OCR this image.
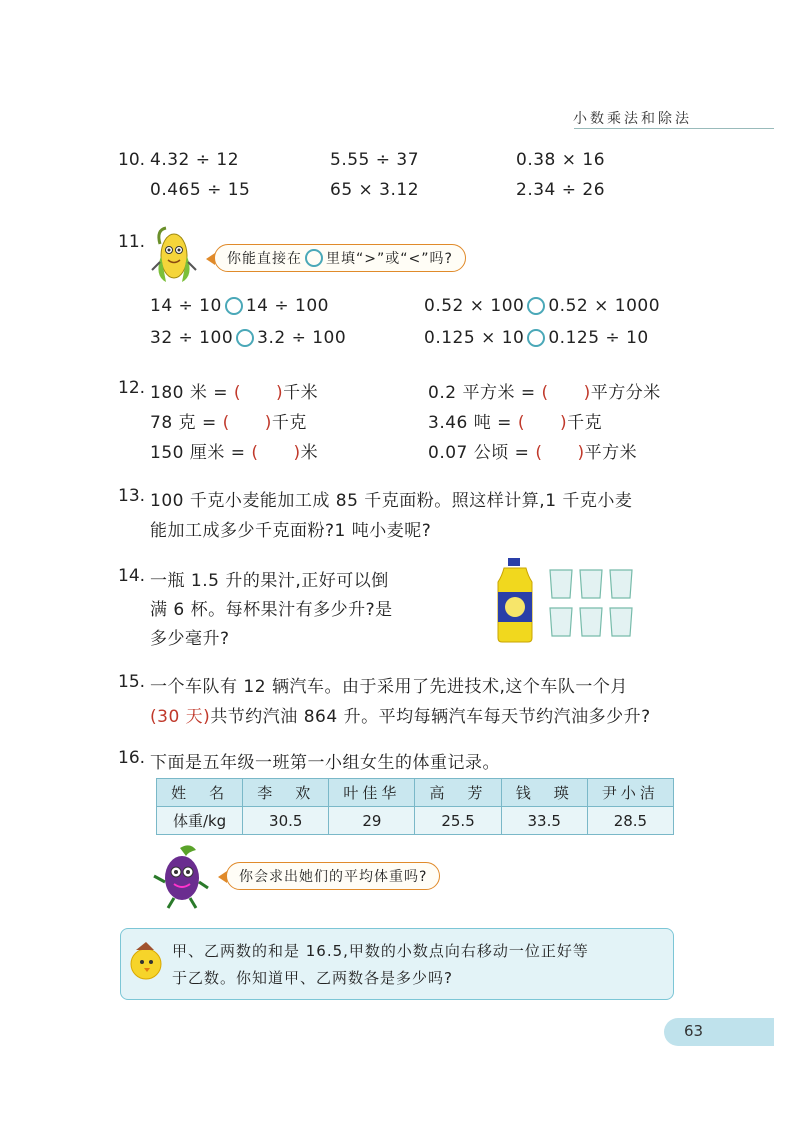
小数乘法和除法
10. 4.32 ÷ 12	5.55 ÷ 37	0.38 × 16
0.465 ÷ 15	65 × 3.12	2.34 ÷ 26
11.
你能直接在 里填“>”或“<”吗?
14 ÷ 10 14 ÷ 100	0.52 × 100 0.52 × 1000
32 ÷ 100 3.2 ÷ 100	0.125 × 10 0.125 ÷ 10
12. 180 米 = (　　)千米	0.2 平方米 = (　　)平方分米
78 克 = (　　)千克	3.46 吨 = (　　)千克
150 厘米 = (　　)米	0.07 公顷 = (　　)平方米
13. 100 千克小麦能加工成 85 千克面粉。照这样计算,1 千克小麦
能加工成多少千克面粉?1 吨小麦呢?
14. 一瓶 1.5 升的果汁,正好可以倒
满 6 杯。每杯果汁有多少升?是
多少毫升?
15. 一个车队有 12 辆汽车。由于采用了先进技术,这个车队一个月
(30 天)共节约汽油 864 升。平均每辆汽车每天节约汽油多少升?
16. 下面是五年级一班第一小组女生的体重记录。
姓　名	李　欢	叶佳华	高　芳	钱　瑛	尹小洁
体重/kg	30.5	29	25.5	33.5	28.5
你会求出她们的平均体重吗?
甲、乙两数的和是 16.5,甲数的小数点向右移动一位正好等
于乙数。你知道甲、乙两数各是多少吗?
63
